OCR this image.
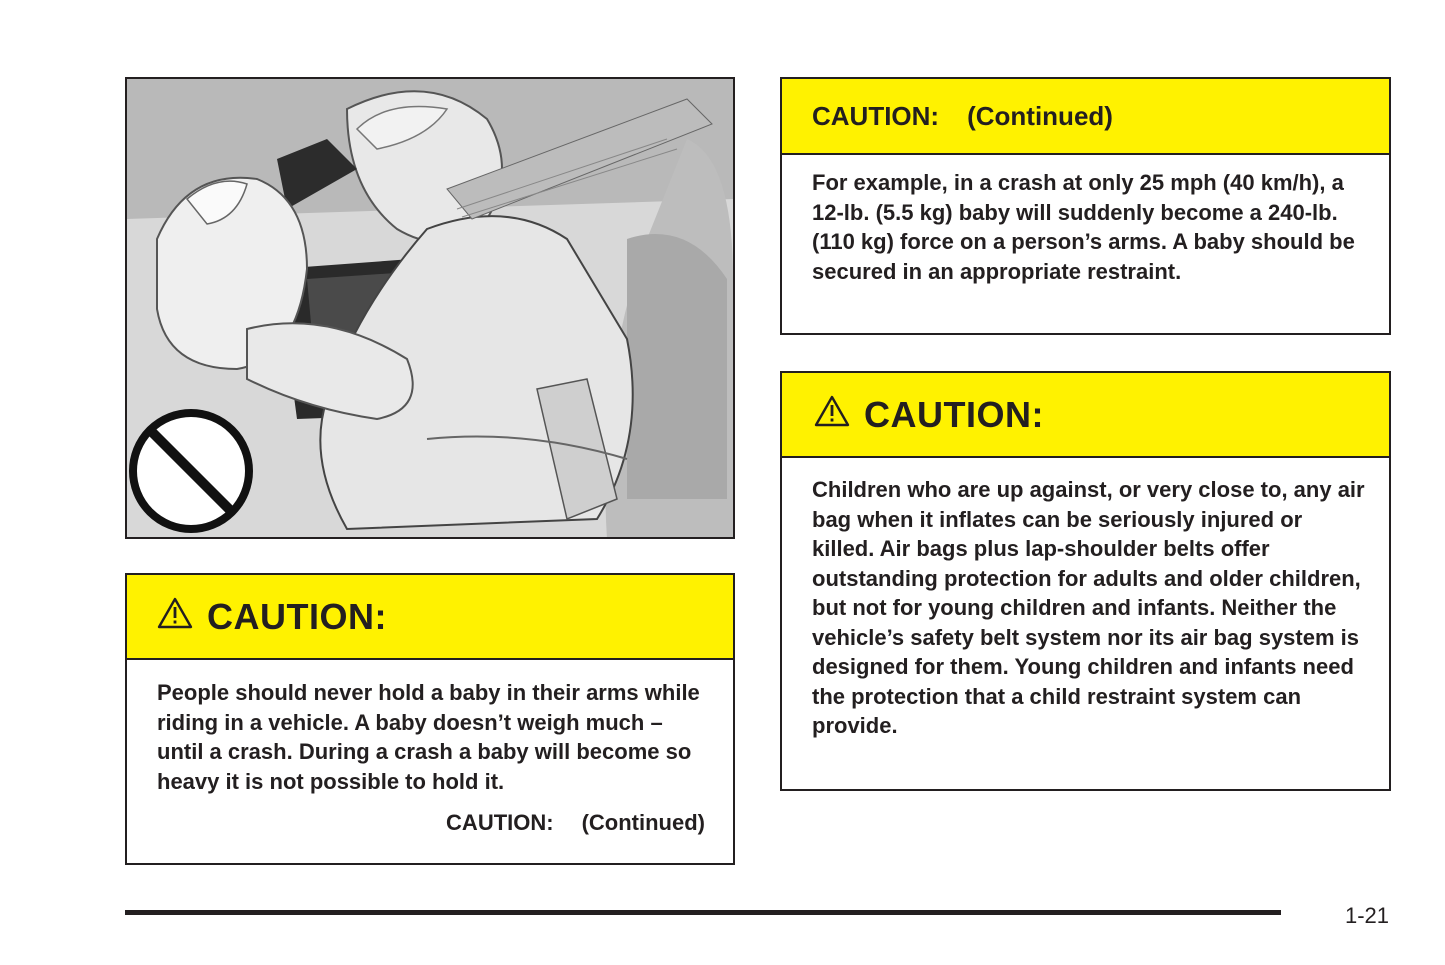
CAUTION:
People should never hold a baby in their arms while riding in a vehicle. A baby doesn’t weigh much – until a crash. During a crash a baby will become so heavy it is not possible to hold it.
CAUTION: (Continued)
CAUTION: (Continued)
For example, in a crash at only 25 mph (40 km/h), a 12-lb. (5.5 kg) baby will suddenly become a 240-lb. (110 kg) force on a person’s arms. A baby should be secured in an appropriate restraint.
CAUTION:
Children who are up against, or very close to, any air bag when it inflates can be seriously injured or killed. Air bags plus lap-shoulder belts offer outstanding protection for adults and older children, but not for young children and infants. Neither the vehicle’s safety belt system nor its air bag system is designed for them. Young children and infants need the protection that a child restraint system can provide.
1-21
